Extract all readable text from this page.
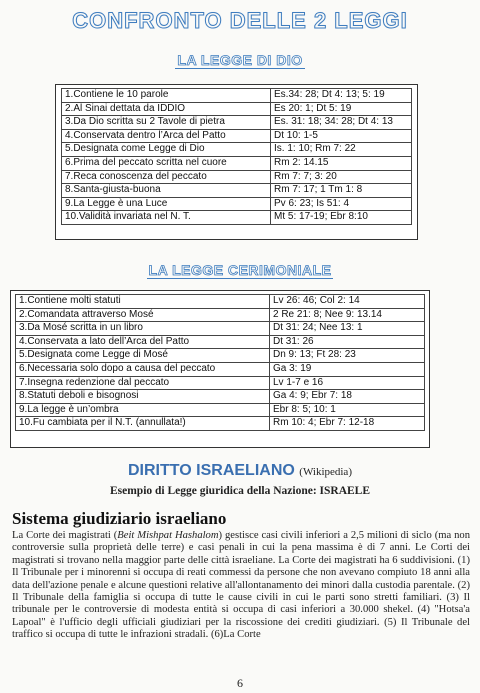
CONFRONTO DELLE 2 LEGGI
LA LEGGE DI DIO
1.Contiene le 10 parole	Es.34: 28; Dt 4: 13; 5: 19
2.Al Sinai dettata da IDDIO	Es 20: 1; Dt 5: 19
3.Da Dio scritta su 2 Tavole di pietra	Es. 31: 18; 34: 28; Dt 4: 13
4.Conservata dentro l’Arca del Patto	Dt 10: 1-5
5.Designata come Legge di Dio	Is. 1: 10; Rm 7: 22
6.Prima del peccato scritta nel cuore	Rm 2: 14.15
7.Reca conoscenza del peccato	Rm 7: 7; 3: 20
8.Santa-giusta-buona	Rm 7: 17; 1 Tm 1: 8
9.La Legge è una Luce	Pv 6: 23; Is 51: 4
10.Validità invariata nel N. T.	Mt 5: 17-19; Ebr 8:10
LA LEGGE CERIMONIALE
1.Contiene molti statuti	Lv 26: 46; Col 2: 14
2.Comandata attraverso Mosé	2 Re 21: 8; Nee 9: 13.14
3.Da Mosé scritta in un libro	Dt 31: 24; Nee 13: 1
4.Conservata a lato dell’Arca del Patto	Dt 31: 26
5.Designata come Legge di Mosé	Dn 9: 13; Ft 28: 23
6.Necessaria solo dopo a causa del peccato	Ga 3: 19
7.Insegna redenzione dal peccato	Lv 1-7 e 16
8.Statuti deboli e bisognosi	Ga 4: 9; Ebr 7: 18
9.La legge è un’ombra	Ebr 8: 5; 10: 1
10.Fu cambiata per il N.T. (annullata!)	Rm 10: 4; Ebr 7: 12-18
DIRITTO ISRAELIANO (Wikipedia)
Esempio di Legge giuridica della Nazione: ISRAELE
Sistema giudiziario israeliano
La Corte dei magistrati (Beit Mishpat Hashalom) gestisce casi civili inferiori a 2,5 milioni di siclo (ma non controversie sulla proprietà delle terre) e casi penali in cui la pena massima è di 7 anni. Le Corti dei magistrati si trovano nella maggior parte delle città israeliane. La Corte dei magistrati ha 6 suddivisioni. (1) Il Tribunale per i minorenni si occupa di reati commessi da persone che non avevano compiuto 18 anni alla data dell'azione penale e alcune questioni relative all'allontanamento dei minori dalla custodia parentale. (2) Il Tribunale della famiglia si occupa di tutte le cause civili in cui le parti sono stretti familiari. (3) Il tribunale per le controversie di modesta entità si occupa di casi inferiori a 30.000 shekel. (4) "Hotsa'a Lapoal" è l'ufficio degli ufficiali giudiziari per la riscossione dei crediti giudiziari. (5) Il Tribunale del traffico si occupa di tutte le infrazioni stradali. (6)La Corte
6
